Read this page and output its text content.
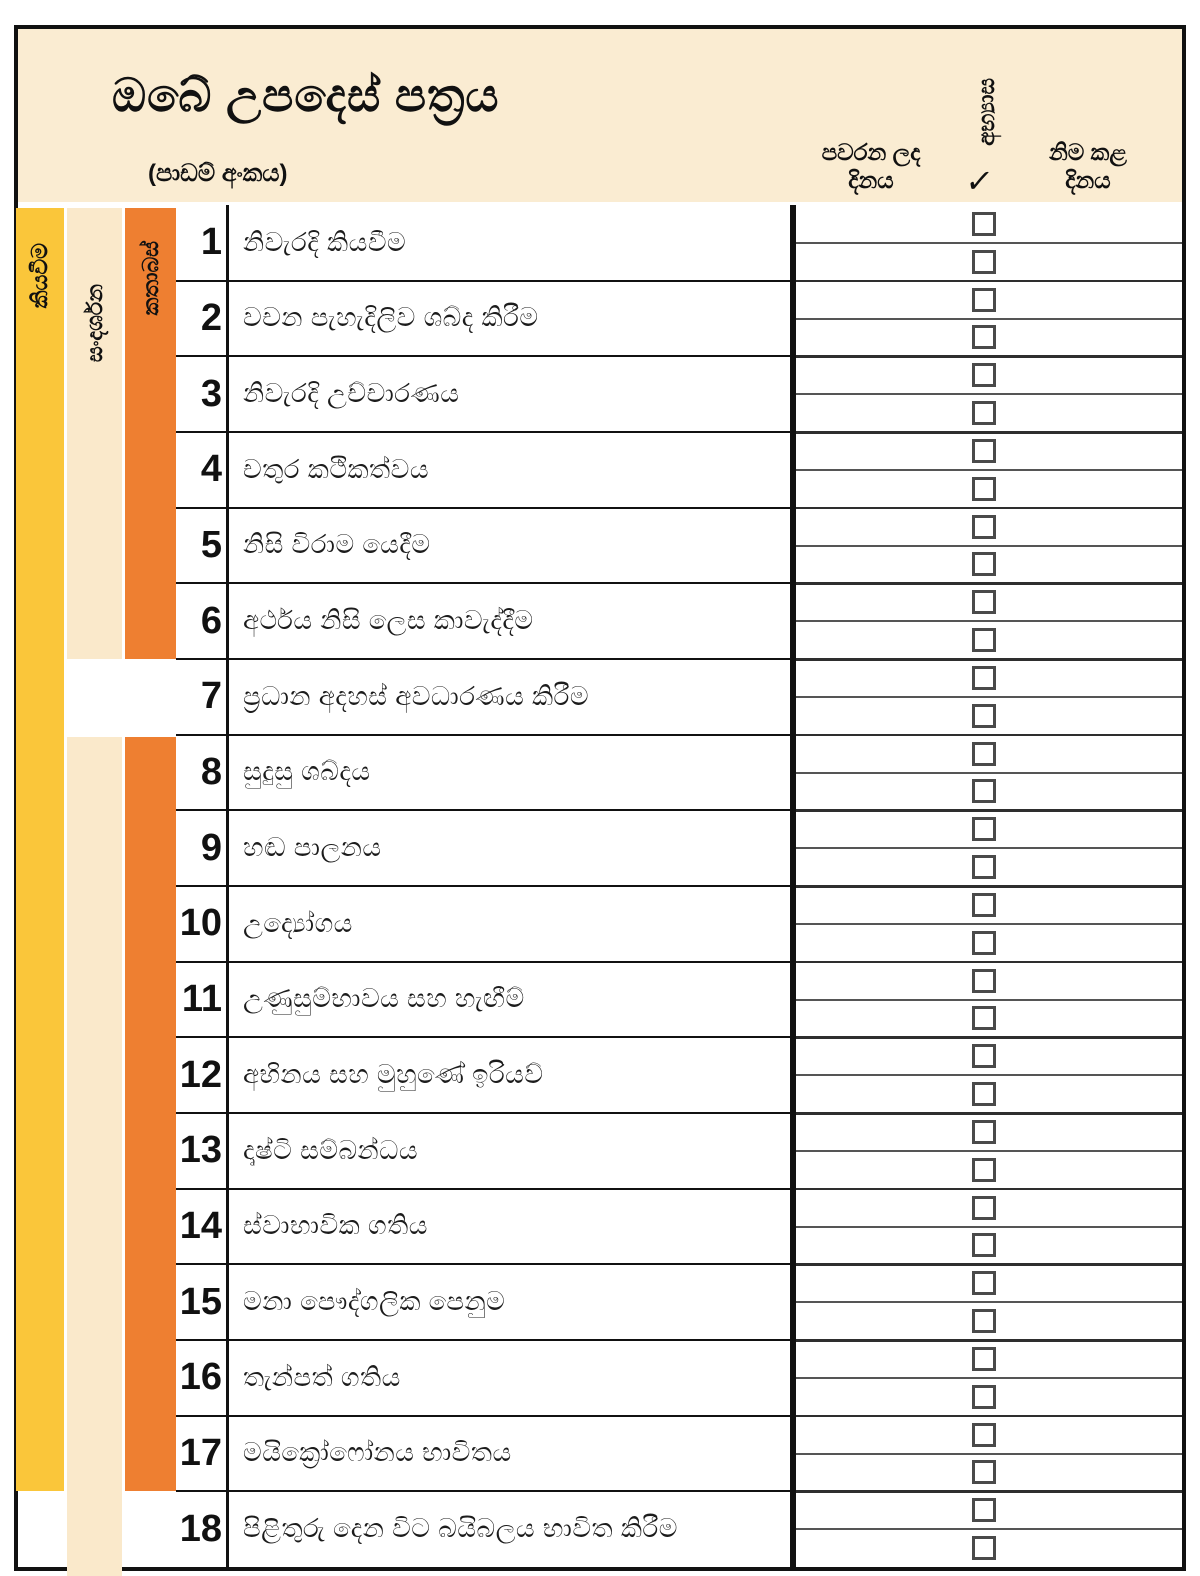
ඔබේ උපදෙස් පත්‍රය
(පාඩම් අංකය)
පවරන ලද
දිනය
අභ්‍යාස
✓
නිම කළ
දිනය
කියවීම
සංදර්ශන
කතාබස්	1 නිවැරදි කියවීම
2 වචන පැහැදිලිව ශබ්ද කිරීම
3 නිවැරදි උච්චාරණය
4 චතුර කථිකත්වය
5 නිසි විරාම යෙදීම
6 අර්ථය නිසි ලෙස කාවැද්දීම
7 ප්‍රධාන අදහස් අවධාරණය කිරීම
8 සුදුසු ශබ්දය
9 හඬ පාලනය
10 උද්‍යෝගය
11 උණුසුම්භාවය සහ හැඟීම්
12 අභිනය සහ මුහුණේ ඉරියව්
13 දෘෂ්ටි සම්බන්ධය
14 ස්වාභාවික ගතිය
15 මනා පෞද්ගලික පෙනුම
16 තැන්පත් ගතිය
17 මයික්‍රෝෆෝනය භාවිතය
18 පිළිතුරු දෙන විට බයිබලය භාවිත කිරීම
